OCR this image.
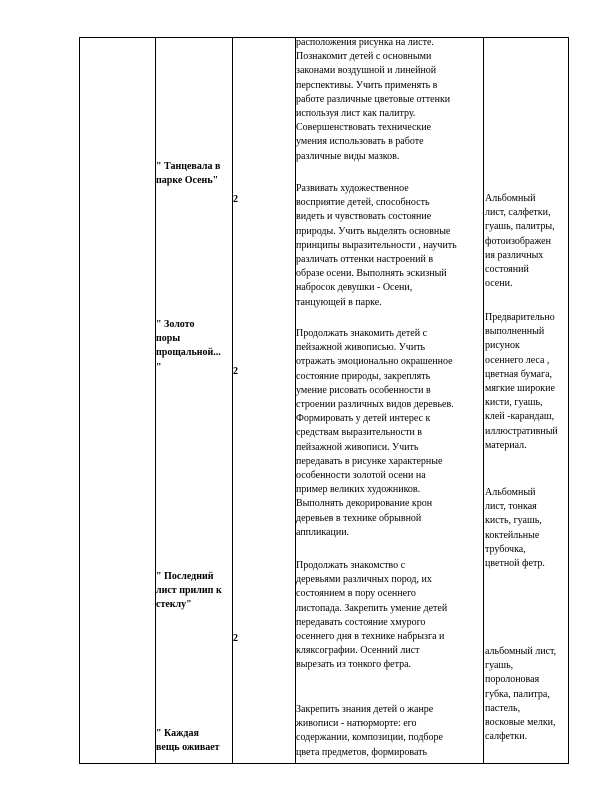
расположения рисунка на листе.
Познакомит детей с основными
законами воздушной и линейной
перспективы. Учить применять в
работе различные цветовые оттенки
используя лист как палитру.
Совершенствовать технические
умения использовать в работе
различные виды мазков.
" Танцевала в
парке Осень"
2
Развивать художественное
восприятие детей, способность
видеть и чувствовать состояние
природы. Учить выделять основные
принципы выразительности , научить
различать оттенки настроений в
образе осени. Выполнять эскизный
наброcок девушки - Осени,
танцующей в парке.
Альбомный
лист, салфетки,
гуашь, палитры,
фотоизображен
ия различных
состояний
осени.
" Золото
поры
прощальной...
"	2
Продолжать знакомить детей с
пейзажной живописью. Учить
отражать эмоционально окрашенное
состояние природы, закреплять
умение рисовать особенности в
строении различных видов деревьев.
Формировать у детей интерес к
средствам выразительности в
пейзажной живописи. Учить
передавать в рисунке характерные
особенности золотой осени на
пример великих художников.
Выполнять декорирование крон
деревьев в технике обрывной
аппликации.
Предварительно
выполненный
рисунок
осеннего леса ,
цветная бумага,
мягкие широкие
кисти, гуашь,
клей -карандаш,
иллюстративный
материал.
" Последний
лист прилип к
стеклу"
2
Продолжать знакомство с
деревьями различных пород, их
состоянием в пору осеннего
листопада. Закрепить умение детей
передавать состояние хмурого
осеннего дня в технике набрызга и
кляксографии. Осенний лист
вырезать из тонкого фетра.
Альбомный
лист, тонкая
кисть, гуашь,
коктейльные
трубочка,
цветной фетр.
" Каждая
вещь оживает
Закрепить знания детей о жанре
живописи - натюрморте: его
содержании, композиции, подборе
цвета предметов, формировать
альбомный лист,
гуашь,
поролоновая
губка, палитра,
пастель,
восковые мелки,
салфетки.
